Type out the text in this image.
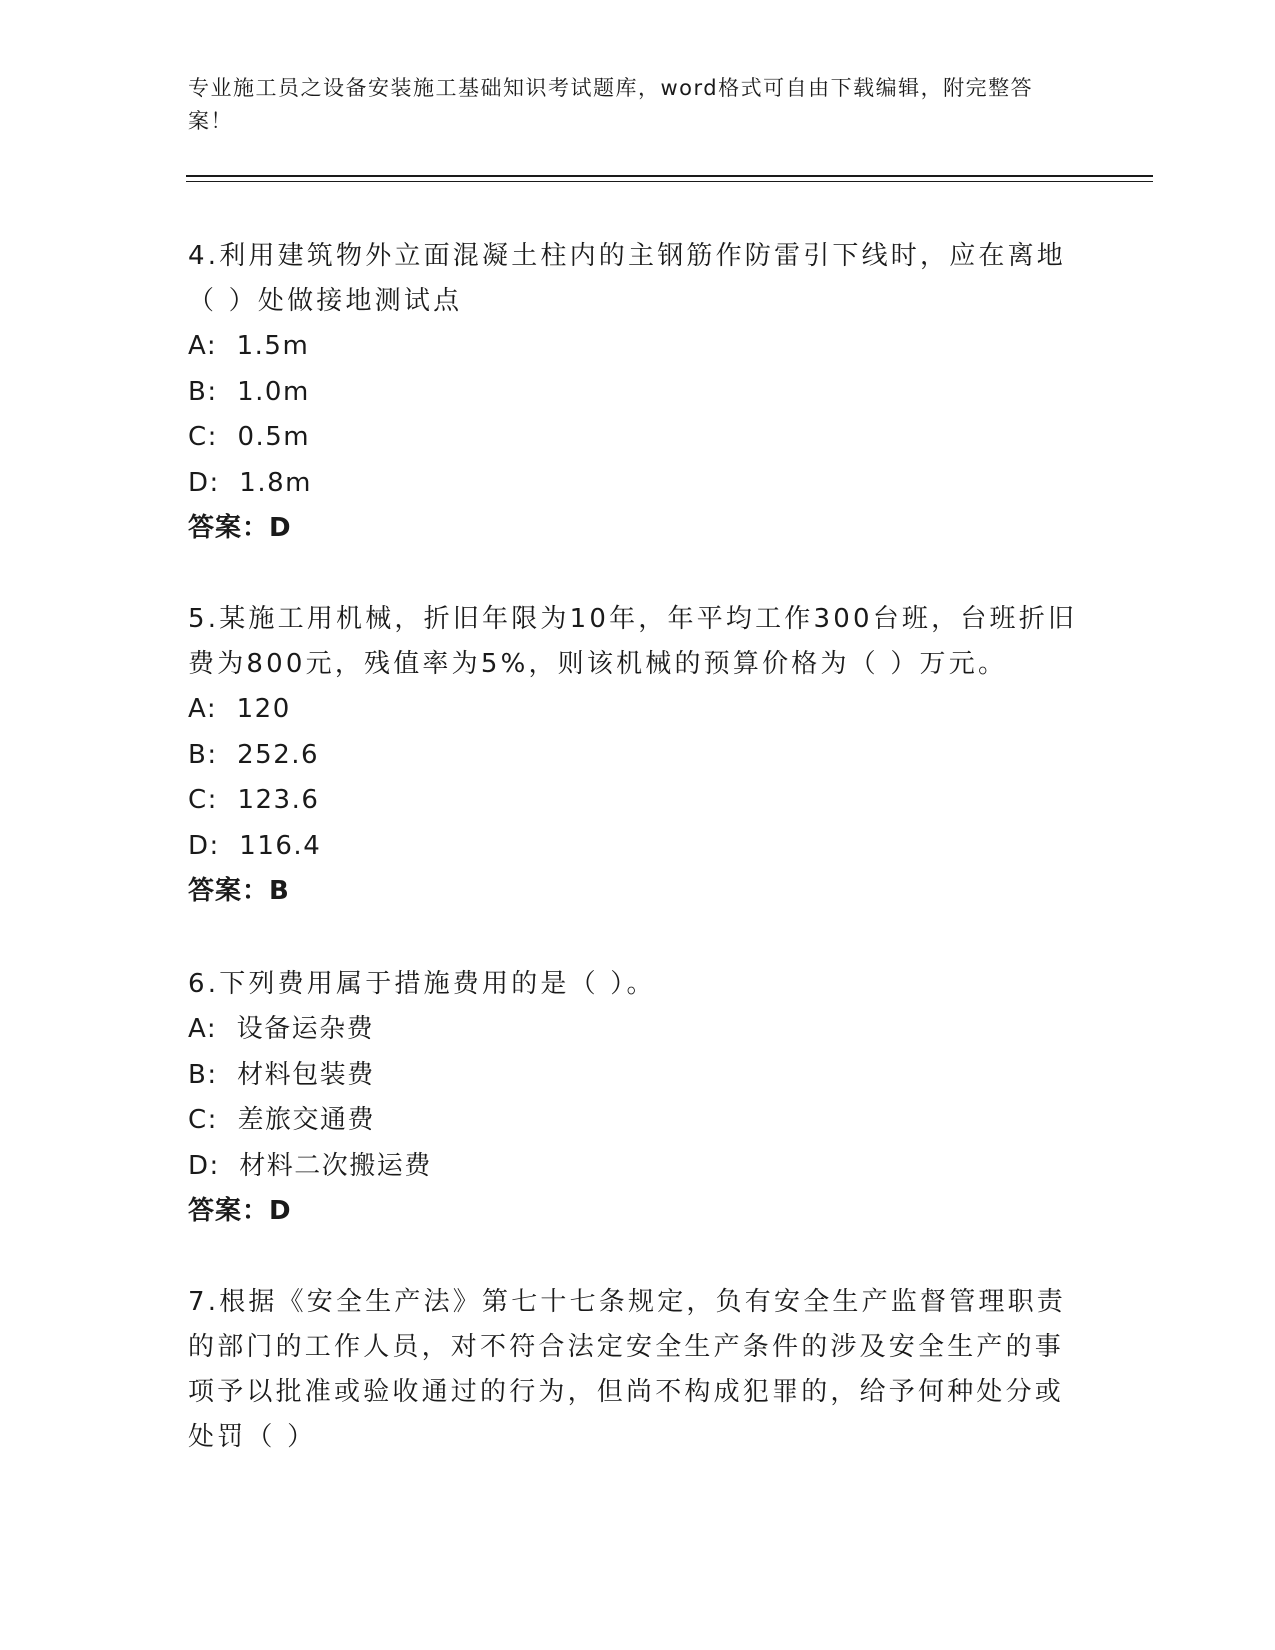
专业施工员之设备安装施工基础知识考试题库，word格式可自由下载编辑，附完整答案！

4.利用建筑物外立面混凝土柱内的主钢筋作防雷引下线时，应在离地（ ）处做接地测试点

A:  1.5m

B:  1.0m

C:  0.5m

D:  1.8m

答案：D

5.某施工用机械，折旧年限为10年，年平均工作300台班，台班折旧费为800元，残值率为5%，则该机械的预算价格为（ ）万元。

A:  120

B:  252.6

C:  123.6

D:  116.4

答案：B

6.下列费用属于措施费用的是（ ）。

A:  设备运杂费

B:  材料包装费

C:  差旅交通费

D:  材料二次搬运费

答案：D

7.根据《安全生产法》第七十七条规定，负有安全生产监督管理职责的部门的工作人员，对不符合法定安全生产条件的涉及安全生产的事项予以批准或验收通过的行为，但尚不构成犯罪的，给予何种处分或处罚（ ）
